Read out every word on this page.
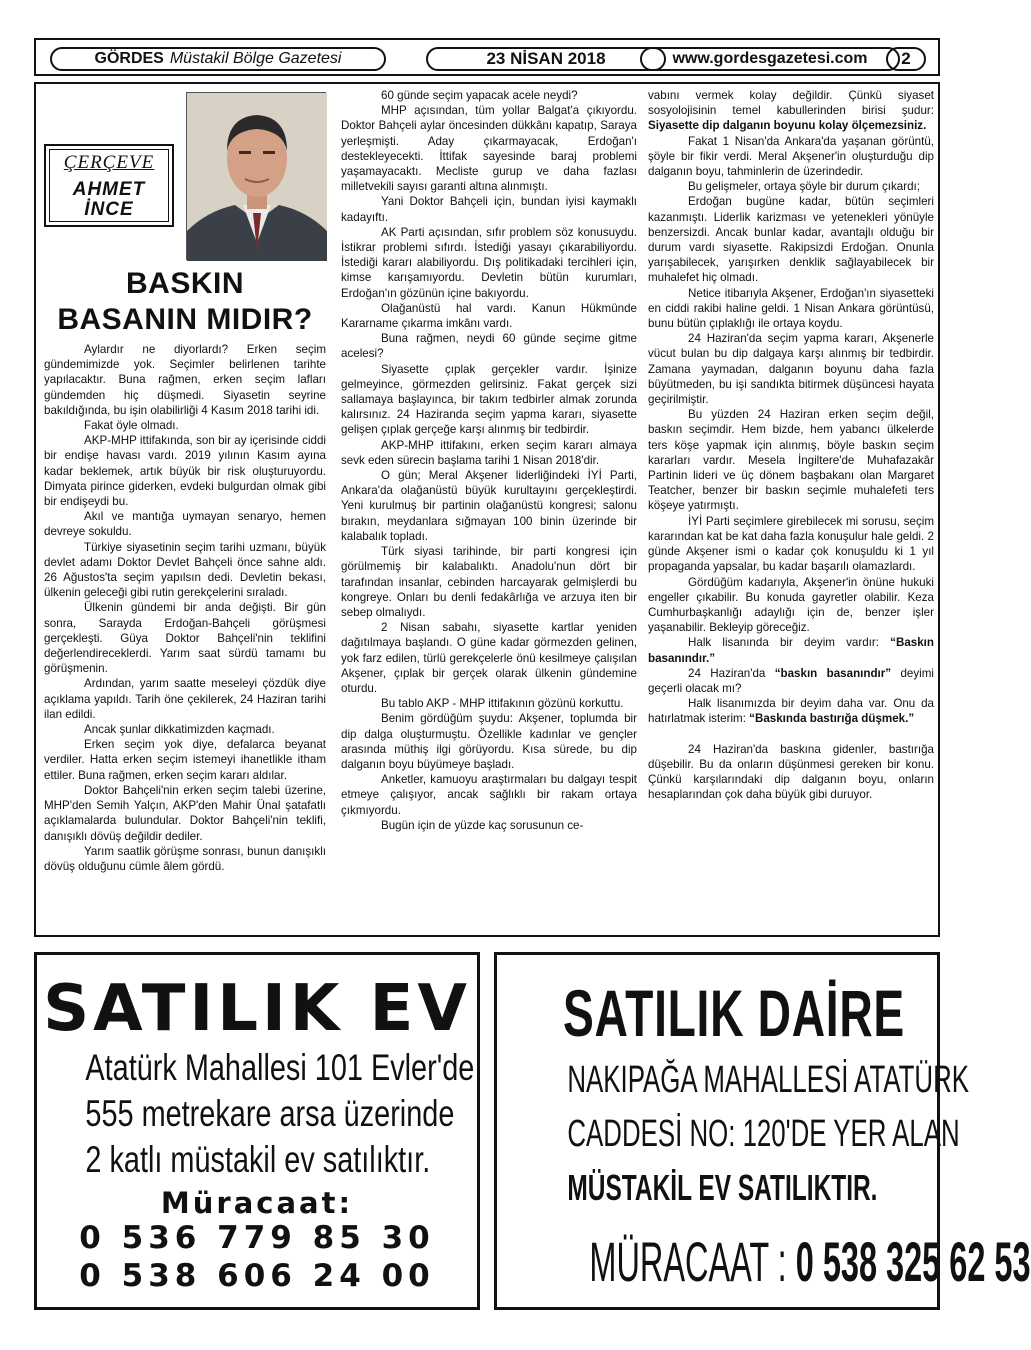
GÖRDES Müstakil Bölge Gazetesi	23 NİSAN 2018	www.gordesgazetesi.com	2
ÇERÇEVE
AHMET
İNCE
BASKIN
BASANIN MIDIR?

Aylardır ne diyorlardı? Erken seçim gündemimizde yok. Seçimler belirlenen tarihte yapılacaktır. Buna rağmen, erken seçim lafları gündemden hiç düşmedi. Siyasetin seyrine bakıldığında, bu işin olabilirliği 4 Kasım 2018 tarihi idi.

Fakat öyle olmadı.

AKP-MHP ittifakında, son bir ay içerisinde ciddi bir endişe havası vardı. 2019 yılının Kasım ayına kadar beklemek, artık büyük bir risk oluşturuyordu. Dimyata pirince giderken, evdeki bulgurdan olmak gibi bir endişeydi bu.

Akıl ve mantığa uymayan senaryo, hemen devreye sokuldu.

Türkiye siyasetinin seçim tarihi uzmanı, büyük devlet adamı Doktor Devlet Bahçeli önce sahne aldı. 26 Ağustos'ta seçim yapılsın dedi. Devletin bekası, ülkenin geleceği gibi rutin gerekçelerini sıraladı.

Ülkenin gündemi bir anda değişti. Bir gün sonra, Sarayda Erdoğan-Bahçeli görüşmesi gerçekleşti. Güya Doktor Bahçeli'nin teklifini değerlendireceklerdi. Yarım saat sürdü tamamı bu görüşmenin.

Ardından, yarım saatte meseleyi çözdük diye açıklama yapıldı. Tarih öne çekilerek, 24 Haziran tarihi ilan edildi.

Ancak şunlar dikkatimizden kaçmadı.

Erken seçim yok diye, defalarca beyanat verdiler. Hatta erken seçim istemeyi ihanetlikle itham ettiler. Buna rağmen, erken seçim kararı aldılar.

Doktor Bahçeli'nin erken seçim talebi üzerine, MHP'den Semih Yalçın, AKP'den Mahir Ünal şatafatlı açıklamalarda bulundular. Doktor Bahçeli'nin teklifi, danışıklı dövüş değildir dediler.

Yarım saatlik görüşme sonrası, bunun danışıklı dövüş olduğunu cümle âlem gördü.

60 günde seçim yapacak acele neydi?

MHP açısından, tüm yollar Balgat'a çıkıyordu. Doktor Bahçeli aylar öncesinden dükkânı kapatıp, Saraya yerleşmişti. Aday çıkarmayacak, Erdoğan'ı destekleyecekti. İttifak sayesinde baraj problemi yaşamayacaktı. Mecliste gurup ve daha fazlası milletvekili sayısı garanti altına alınmıştı.

Yani Doktor Bahçeli için, bundan iyisi kaymaklı kadayıftı.

AK Parti açısından, sıfır problem söz konusuydu. İstikrar problemi sıfırdı. İstediği yasayı çıkarabiliyordu. İstediği kararı alabiliyordu. Dış politikadaki tercihleri için, kimse karışamıyordu. Devletin bütün kurumları, Erdoğan'ın gözünün içine bakıyordu.

Olağanüstü hal vardı. Kanun Hükmünde Kararname çıkarma imkânı vardı.

Buna rağmen, neydi 60 günde seçime gitme acelesi?

Siyasette çıplak gerçekler vardır. İşinize gelmeyince, görmezden gelirsiniz. Fakat gerçek sizi sallamaya başlayınca, bir takım tedbirler almak zorunda kalırsınız. 24 Haziranda seçim yapma kararı, siyasette gelişen çıplak gerçeğe karşı alınmış bir tedbirdir.

AKP-MHP ittifakını, erken seçim kararı almaya sevk eden sürecin başlama tarihi 1 Nisan 2018'dir.

O gün; Meral Akşener liderliğindeki İYİ Parti, Ankara'da olağanüstü büyük kurultayını gerçekleştirdi. Yeni kurulmuş bir partinin olağanüstü kongresi; salonu bırakın, meydanlara sığmayan 100 binin üzerinde bir kalabalık topladı.

Türk siyasi tarihinde, bir parti kongresi için görülmemiş bir kalabalıktı. Anadolu'nun dört bir tarafından insanlar, cebinden harcayarak gelmişlerdi bu kongreye. Onları bu denli fedakârlığa ve arzuya iten bir sebep olmalıydı.

2 Nisan sabahı, siyasette kartlar yeniden dağıtılmaya başlandı. O güne kadar görmezden gelinen, yok farz edilen, türlü gerekçelerle önü kesilmeye çalışılan Akşener, çıplak bir gerçek olarak ülkenin gündemine oturdu.

Bu tablo AKP - MHP ittifakının gözünü korkuttu.

Benim gördüğüm şuydu: Akşener, toplumda bir dip dalga oluşturmuştu. Özellikle kadınlar ve gençler arasında müthiş ilgi görüyordu. Kısa sürede, bu dip dalganın boyu büyümeye başladı.

Anketler, kamuoyu araştırmaları bu dalgayı tespit etmeye çalışıyor, ancak sağlıklı bir rakam ortaya çıkmıyordu.

Bugün için de yüzde kaç sorusunun ce-

vabını vermek kolay değildir. Çünkü siyaset sosyolojisinin temel kabullerinden birisi şudur: Siyasette dip dalganın boyunu kolay ölçemezsiniz.

Fakat 1 Nisan'da Ankara'da yaşanan görüntü, şöyle bir fikir verdi. Meral Akşener'in oluşturduğu dip dalganın boyu, tahminlerin de üzerindedir.

Bu gelişmeler, ortaya şöyle bir durum çıkardı;

Erdoğan bugüne kadar, bütün seçimleri kazanmıştı. Liderlik karizması ve yetenekleri yönüyle benzersizdi. Ancak bunlar kadar, avantajlı olduğu bir durum vardı siyasette. Rakipsizdi Erdoğan. Onunla yarışabilecek, yarışırken denklik sağlayabilecek bir muhalefet hiç olmadı.

Netice itibarıyla Akşener, Erdoğan'ın siyasetteki en ciddi rakibi haline geldi. 1 Nisan Ankara görüntüsü, bunu bütün çıplaklığı ile ortaya koydu.

24 Haziran'da seçim yapma kararı, Akşenerle vücut bulan bu dip dalgaya karşı alınmış bir tedbirdir. Zamana yaymadan, dalganın boyunu daha fazla büyütmeden, bu işi sandıkta bitirmek düşüncesi hayata geçirilmiştir.

Bu yüzden 24 Haziran erken seçim değil, baskın seçimdir. Hem bizde, hem yabancı ülkelerde ters köşe yapmak için alınmış, böyle baskın seçim kararları vardır. Mesela İngiltere'de Muhafazakâr Partinin lideri ve üç dönem başbakanı olan Margaret Teatcher, benzer bir baskın seçimle muhalefeti ters köşeye yatırmıştı.

İYİ Parti seçimlere girebilecek mi sorusu, seçim kararından kat be kat daha fazla konuşulur hale geldi. 2 günde Akşener ismi o kadar çok konuşuldu ki 1 yıl propaganda yapsalar, bu kadar başarılı olamazlardı.

Gördüğüm kadarıyla, Akşener'in önüne hukuki engeller çıkabilir. Bu konuda gayretler olabilir. Keza Cumhurbaşkanlığı adaylığı için de, benzer işler yaşanabilir. Bekleyip göreceğiz.

Halk lisanında bir deyim vardır: “Baskın basanındır.”

24 Haziran'da “baskın basanındır” deyimi geçerli olacak mı?

Halk lisanımızda bir deyim daha var. Onu da hatırlatmak isterim: “Baskında bastırığa düşmek.”

24 Haziran'da baskına gidenler, bastırığa düşebilir. Bu da onların düşünmesi gereken bir konu. Çünkü karşılarındaki dip dalganın boyu, onların hesaplarından çok daha büyük gibi duruyor.

SATILIK EV
Atatürk Mahallesi 101 Evler'de
555 metrekare arsa üzerinde
2 katlı müstakil ev satılıktır.
Müracaat:
0 536 779 85 30
0 538 606 24 00
SATILIK DAİRE
NAKIPAĞA MAHALLESİ ATATÜRK
CADDESİ NO: 120'DE YER ALAN
MÜSTAKİL EV SATILIKTIR.
MÜRACAAT : 0 538 325 62 53
